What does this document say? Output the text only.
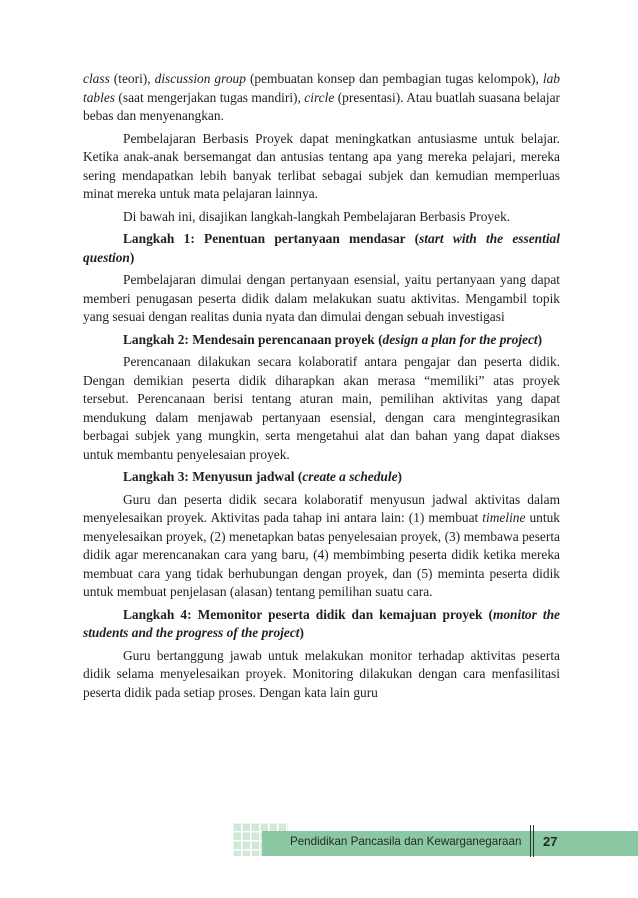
class (teori), discussion group (pembuatan konsep dan pembagian tugas kelompok), lab tables (saat mengerjakan tugas mandiri), circle (presentasi). Atau buatlah suasana belajar bebas dan menyenangkan.

Pembelajaran Berbasis Proyek dapat meningkatkan antusiasme untuk belajar. Ketika anak-anak bersemangat dan antusias tentang apa yang mereka pelajari, mereka sering mendapatkan lebih banyak terlibat sebagai subjek dan kemudian memperluas minat mereka untuk mata pelajaran lainnya.

Di bawah ini, disajikan langkah-langkah Pembelajaran Berbasis Proyek.

Langkah 1: Penentuan pertanyaan mendasar (start with the essential question)

Pembelajaran dimulai dengan pertanyaan esensial, yaitu pertanyaan yang dapat memberi penugasan peserta didik dalam melakukan suatu aktivitas. Mengambil topik yang sesuai dengan realitas dunia nyata dan dimulai dengan sebuah investigasi

Langkah 2: Mendesain perencanaan proyek (design a plan for the project)

Perencanaan dilakukan secara kolaboratif antara pengajar dan peserta didik. Dengan demikian peserta didik diharapkan akan merasa “memiliki” atas proyek tersebut. Perencanaan berisi tentang aturan main, pemilihan aktivitas yang dapat mendukung dalam menjawab pertanyaan esensial, dengan cara mengintegrasikan berbagai subjek yang mungkin, serta mengetahui alat dan bahan yang dapat diakses untuk membantu penyelesaian proyek.

Langkah 3: Menyusun jadwal (create a schedule)

Guru dan peserta didik secara kolaboratif menyusun jadwal aktivitas dalam menyelesaikan proyek. Aktivitas pada tahap ini antara lain: (1) membuat timeline untuk menyelesaikan proyek, (2) menetapkan batas penyelesaian proyek, (3) membawa peserta didik agar merencanakan cara yang baru, (4) membimbing peserta didik ketika mereka membuat cara yang tidak berhubungan dengan proyek, dan (5) meminta peserta didik untuk membuat penjelasan (alasan) tentang pemilihan suatu cara.

Langkah 4: Memonitor peserta didik dan kemajuan proyek (monitor the students and the progress of the project)

Guru bertanggung jawab untuk melakukan monitor terhadap aktivitas peserta didik selama menyelesaikan proyek. Monitoring dilakukan dengan cara menfasilitasi peserta didik pada setiap proses. Dengan kata lain guru

Pendidikan Pancasila dan Kewarganegaraan 27
